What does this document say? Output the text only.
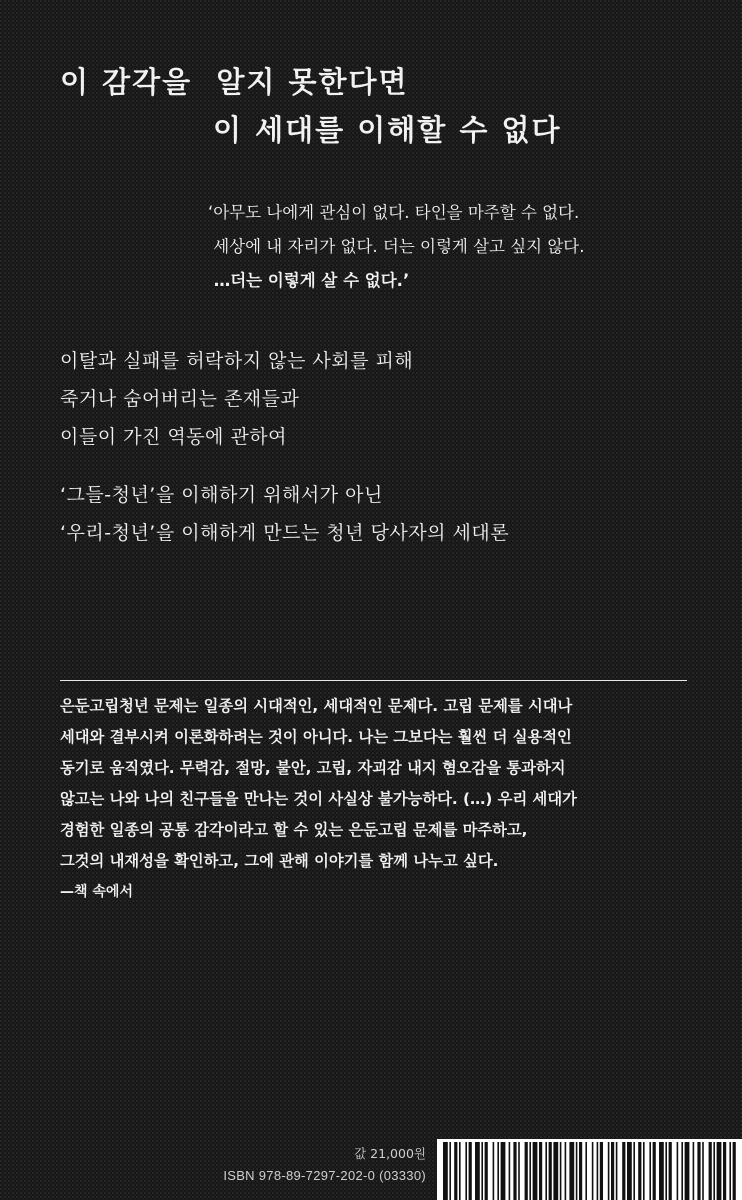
이 감각을  알지 못한다면
이 세대를 이해할 수 없다
‘아무도 나에게 관심이 없다. 타인을 마주할 수 없다.
세상에 내 자리가 없다. 더는 이렇게 살고 싶지 않다.
…더는 이렇게 살 수 없다.’
이탈과 실패를 허락하지 않는 사회를 피해
죽거나 숨어버리는 존재들과
이들이 가진 역동에 관하여
‘그들-청년’을 이해하기 위해서가 아닌
‘우리-청년’을 이해하게 만드는 청년 당사자의 세대론
은둔고립청년 문제는 일종의 시대적인, 세대적인 문제다. 고립 문제를 시대나
세대와 결부시켜 이론화하려는 것이 아니다. 나는 그보다는 훨씬 더 실용적인
동기로 움직였다. 무력감, 절망, 불안, 고립, 자괴감 내지 혐오감을 통과하지
않고는 나와 나의 친구들을 만나는 것이 사실상 불가능하다. (…) 우리 세대가
경험한 일종의 공통 감각이라고 할 수 있는 은둔고립 문제를 마주하고,
그것의 내재성을 확인하고, 그에 관해 이야기를 함께 나누고 싶다.
—책 속에서
값 21,000원
ISBN 978-89-7297-202-0 (03330)
